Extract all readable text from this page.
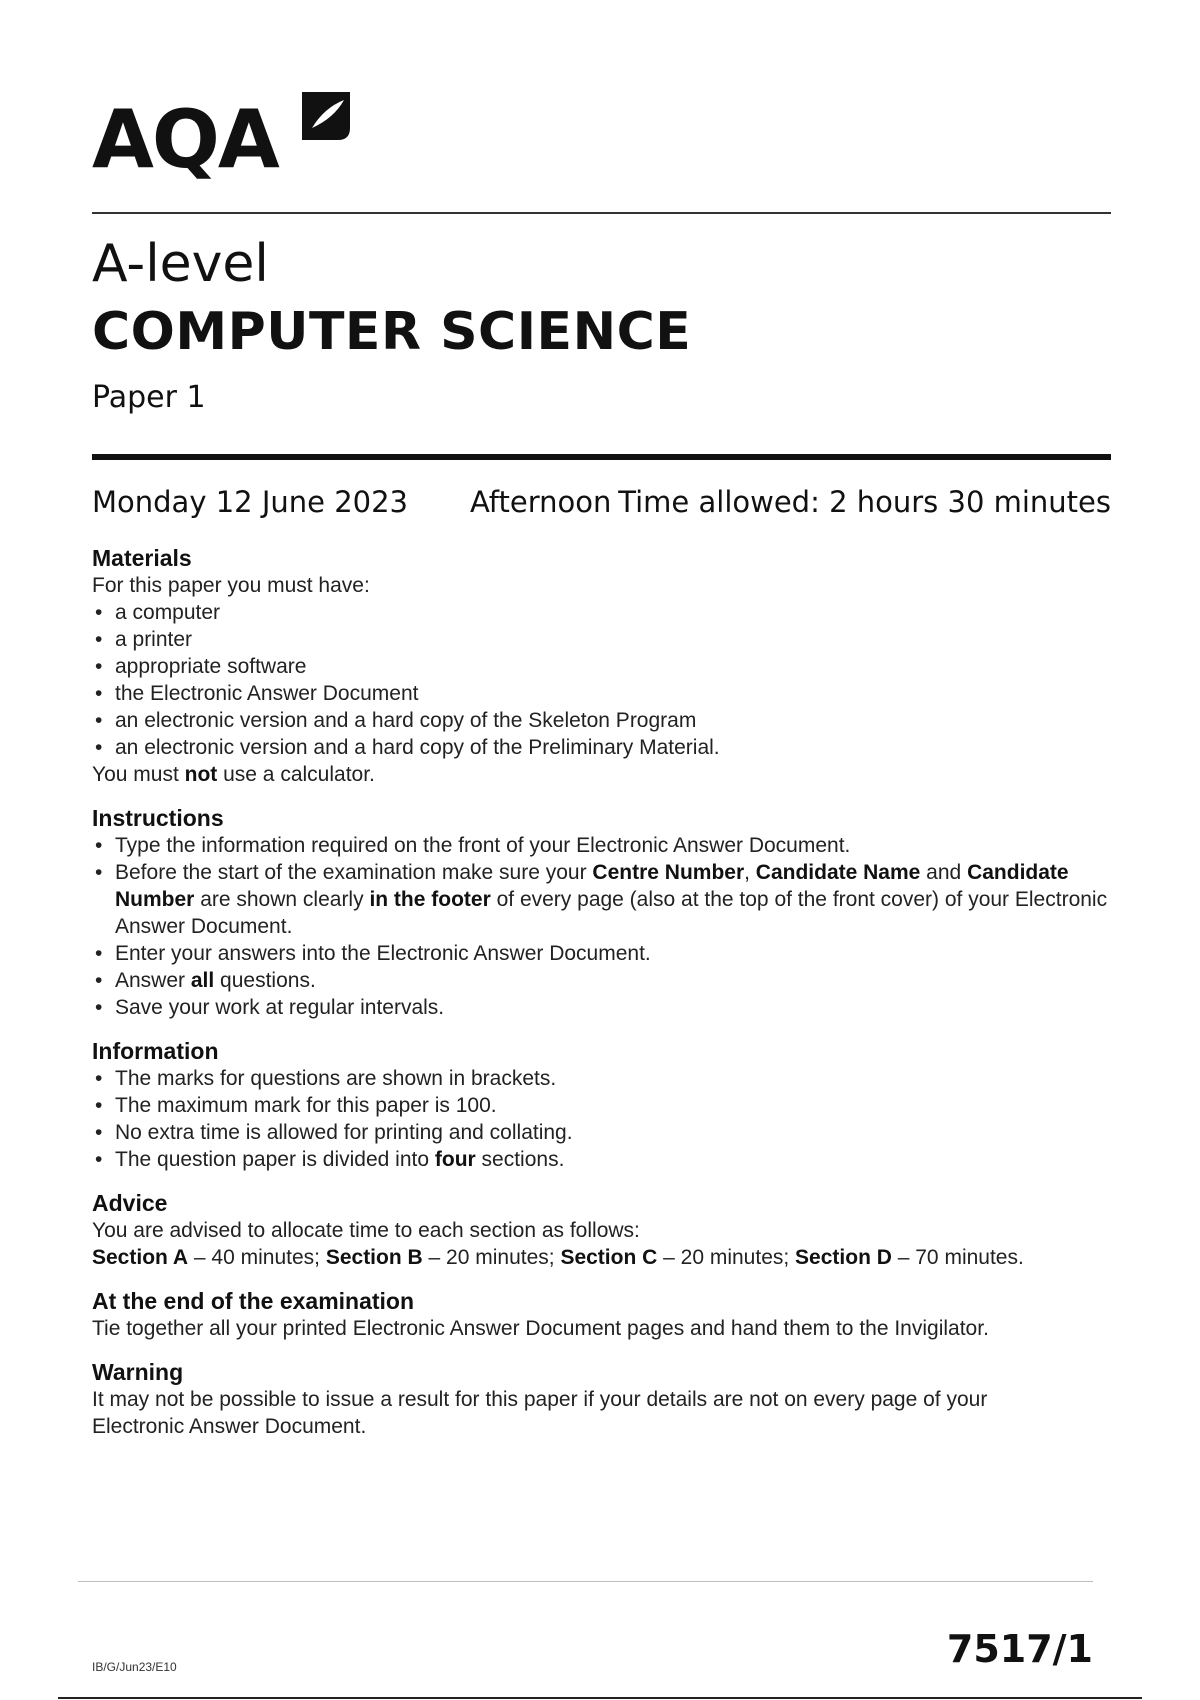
AQA
A-level
COMPUTER SCIENCE
Paper 1
Monday 12 June 2023 Afternoon Time allowed: 2 hours 30 minutes
Materials

For this paper you must have:

• a computer
• a printer
• appropriate software
• the Electronic Answer Document
• an electronic version and a hard copy of the Skeleton Program
• an electronic version and a hard copy of the Preliminary Material.

You must not use a calculator.

Instructions
• Type the information required on the front of your Electronic Answer Document.
• Before the start of the examination make sure your Centre Number, Candidate Name and Candidate Number are shown clearly in the footer of every page (also at the top of the front cover) of your Electronic Answer Document.
• Enter your answers into the Electronic Answer Document.
• Answer all questions.
• Save your work at regular intervals.
Information
• The marks for questions are shown in brackets.
• The maximum mark for this paper is 100.
• No extra time is allowed for printing and collating.
• The question paper is divided into four sections.
Advice

You are advised to allocate time to each section as follows:

Section A – 40 minutes; Section B – 20 minutes; Section C – 20 minutes; Section D – 70 minutes.

At the end of the examination

Tie together all your printed Electronic Answer Document pages and hand them to the Invigilator.

Warning

It may not be possible to issue a result for this paper if your details are not on every page of your Electronic Answer Document.

IB/G/Jun23/E10	7517/1
